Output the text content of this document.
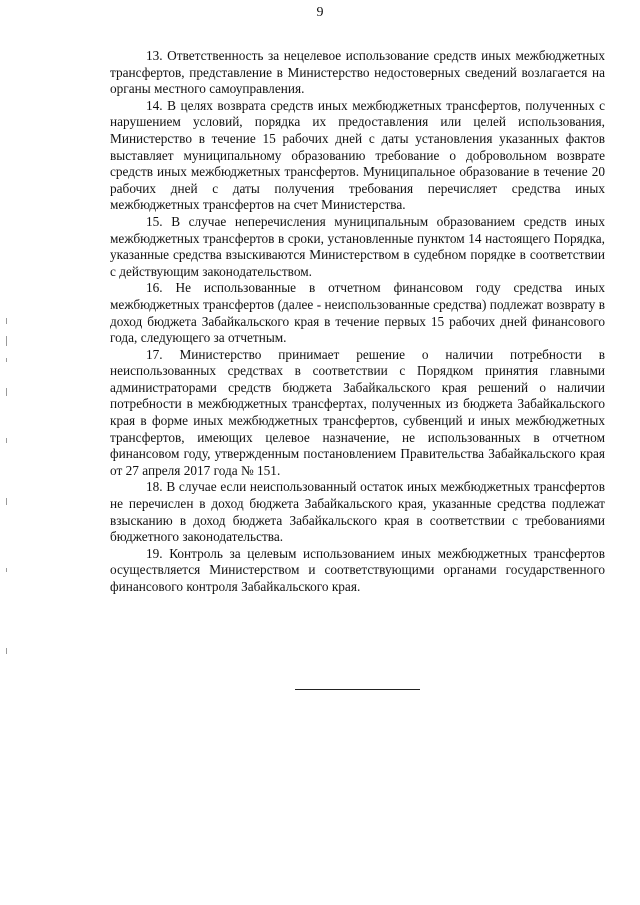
9

13. Ответственность за нецелевое использование средств иных межбюджетных трансфертов, представление в Министерство недостоверных сведений возлагается на органы местного самоуправления.

14. В целях возврата средств иных межбюджетных трансфертов, полученных с нарушением условий, порядка их предоставления или целей использования, Министерство в течение 15 рабочих дней с даты установления указанных фактов выставляет муниципальному образованию требование о добровольном возврате средств иных межбюджетных трансфертов. Муниципальное образование в течение 20 рабочих дней с даты получения требования перечисляет средства иных межбюджетных трансфертов на счет Министерства.

15. В случае неперечисления муниципальным образованием средств иных межбюджетных трансфертов в сроки, установленные пунктом 14 настоящего Порядка, указанные средства взыскиваются Министерством в судебном порядке в соответствии с действующим законодательством.

16. Не использованные в отчетном финансовом году средства иных межбюджетных трансфертов (далее - неиспользованные средства) подлежат возврату в доход бюджета Забайкальского края в течение первых 15 рабочих дней финансового года, следующего за отчетным.

17. Министерство принимает решение о наличии потребности в неиспользованных средствах в соответствии с Порядком принятия главными администраторами средств бюджета Забайкальского края решений о наличии потребности в межбюджетных трансфертах, полученных из бюджета Забайкальского края в форме иных межбюджетных трансфертов, субвенций и иных межбюджетных трансфертов, имеющих целевое назначение, не использованных в отчетном финансовом году, утвержденным постановлением Правительства Забайкальского края от 27 апреля 2017 года № 151.

18. В случае если неиспользованный остаток иных межбюджетных трансфертов не перечислен в доход бюджета Забайкальского края, указанные средства подлежат взысканию в доход бюджета Забайкальского края в соответствии с требованиями бюджетного законодательства.

19. Контроль за целевым использованием иных межбюджетных трансфертов осуществляется Министерством и соответствующими органами государственного финансового контроля Забайкальского края.
